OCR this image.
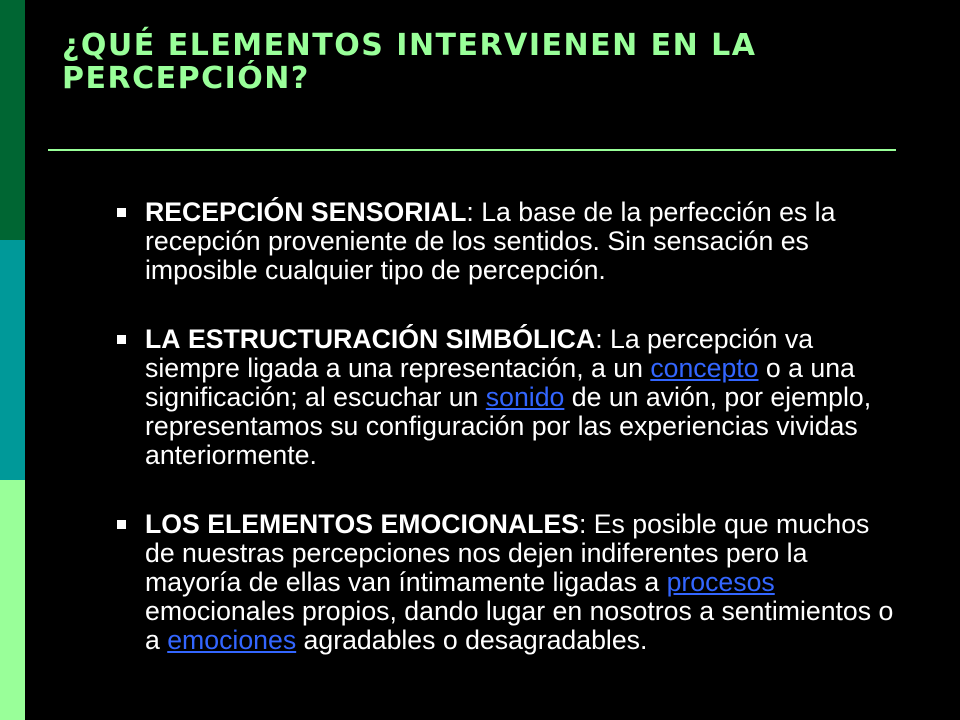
¿QUÉ ELEMENTOS INTERVIENEN EN LA PERCEPCIÓN?
RECEPCIÓN SENSORIAL: La base de la perfección es la recepción proveniente de los sentidos. Sin sensación es imposible cualquier tipo de percepción.
LA ESTRUCTURACIÓN SIMBÓLICA: La percepción va siempre ligada a una representación, a un concepto o a una significación; al escuchar un sonido de un avión, por ejemplo, representamos su configuración por las experiencias vividas anteriormente.
LOS ELEMENTOS EMOCIONALES: Es posible que muchos de nuestras percepciones nos dejen indiferentes pero la mayoría de ellas van íntimamente ligadas a procesos emocionales propios, dando lugar en nosotros a sentimientos o a emociones agradables o desagradables.
